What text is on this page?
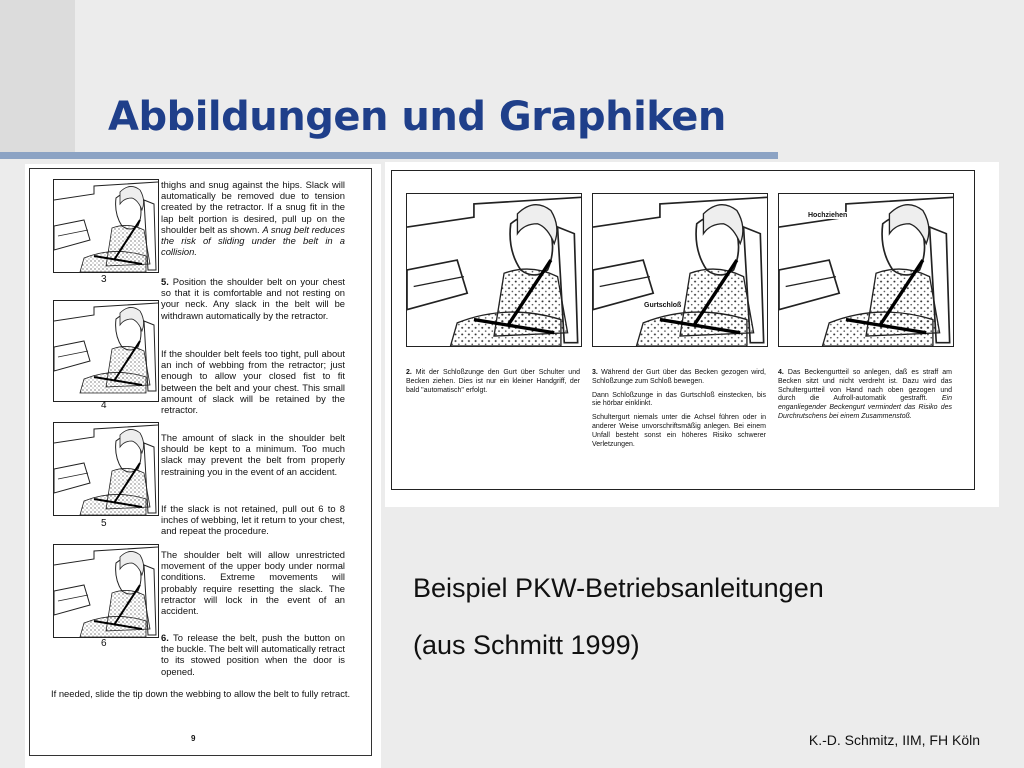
Abbildungen und Graphiken
3
4
5
6

thighs and snug against the hips. Slack will automatically be removed due to tension created by the retractor. If a snug fit in the lap belt portion is desired, pull up on the shoulder belt as shown. A snug belt reduces the risk of sliding under the belt in a collision.

5. Position the shoulder belt on your chest so that it is comfortable and not resting on your neck. Any slack in the belt will be withdrawn automatically by the retractor.

If the shoulder belt feels too tight, pull about an inch of webbing from the retractor; just enough to allow your closed fist to fit between the belt and your chest. This small amount of slack will be retained by the retractor.

The amount of slack in the shoulder belt should be kept to a minimum. Too much slack may prevent the belt from properly restraining you in the event of an accident.

If the slack is not retained, pull out 6 to 8 inches of webbing, let it return to your chest, and repeat the procedure.

The shoulder belt will allow unrestricted movement of the upper body under normal conditions. Extreme movements will probably require resetting the slack. The retractor will lock in the event of an accident.

6. To release the belt, push the button on the buckle. The belt will automatically retract to its stowed position when the door is opened.

If needed, slide the tip down the webbing to allow the belt to fully retract.

9
Gurtschloß
Hochziehen

2. Mit der Schloßzunge den Gurt über Schulter und Becken ziehen. Dies ist nur ein kleiner Handgriff, der bald "automatisch" erfolgt.

3. Während der Gurt über das Becken gezogen wird, Schloßzunge zum Schloß bewegen.

Dann Schloßzunge in das Gurtschloß einstecken, bis sie hörbar einklinkt.

Schultergurt niemals unter die Achsel führen oder in anderer Weise unvorschriftsmäßig anlegen. Bei einem Unfall besteht sonst ein höheres Risiko schwerer Verletzungen.

4. Das Beckengurtteil so anlegen, daß es straff am Becken sitzt und nicht verdreht ist. Dazu wird das Schultergurtteil von Hand nach oben gezogen und durch die Aufroll-automatik gestrafft. Ein enganliegender Beckengurt vermindert das Risiko des Durchrutschens bei einem Zusammenstoß.

Beispiel PKW-Betriebsanleitungen
(aus Schmitt 1999)
K.-D. Schmitz, IIM, FH Köln
